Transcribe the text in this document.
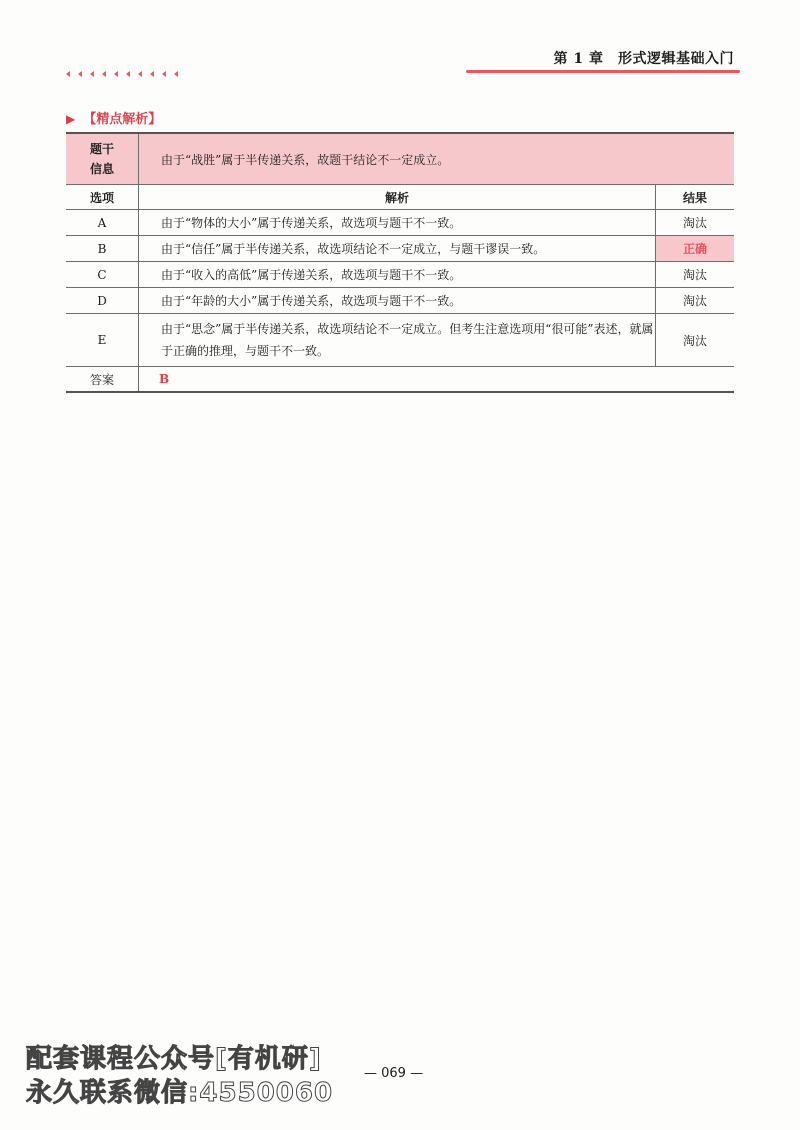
第 1 章　形式逻辑基础入门
▶ 【精点解析】
题干
信息	由于“战胜”属于半传递关系，故题干结论不一定成立。	
选项	解析	结果
A	由于“物体的大小”属于传递关系，故选项与题干不一致。	淘汰
B	由于“信任”属于半传递关系，故选项结论不一定成立，与题干谬误一致。	正确
C	由于“收入的高低”属于传递关系，故选项与题干不一致。	淘汰
D	由于“年龄的大小”属于传递关系，故选项与题干不一致。	淘汰
E	由于“思念”属于半传递关系，故选项结论不一定成立。但考生注意选项用“很可能”表述，就属于正确的推理，与题干不一致。	淘汰
答案	B	
配套课程公众号[有机研]
永久联系微信:4550060
— 069 —
